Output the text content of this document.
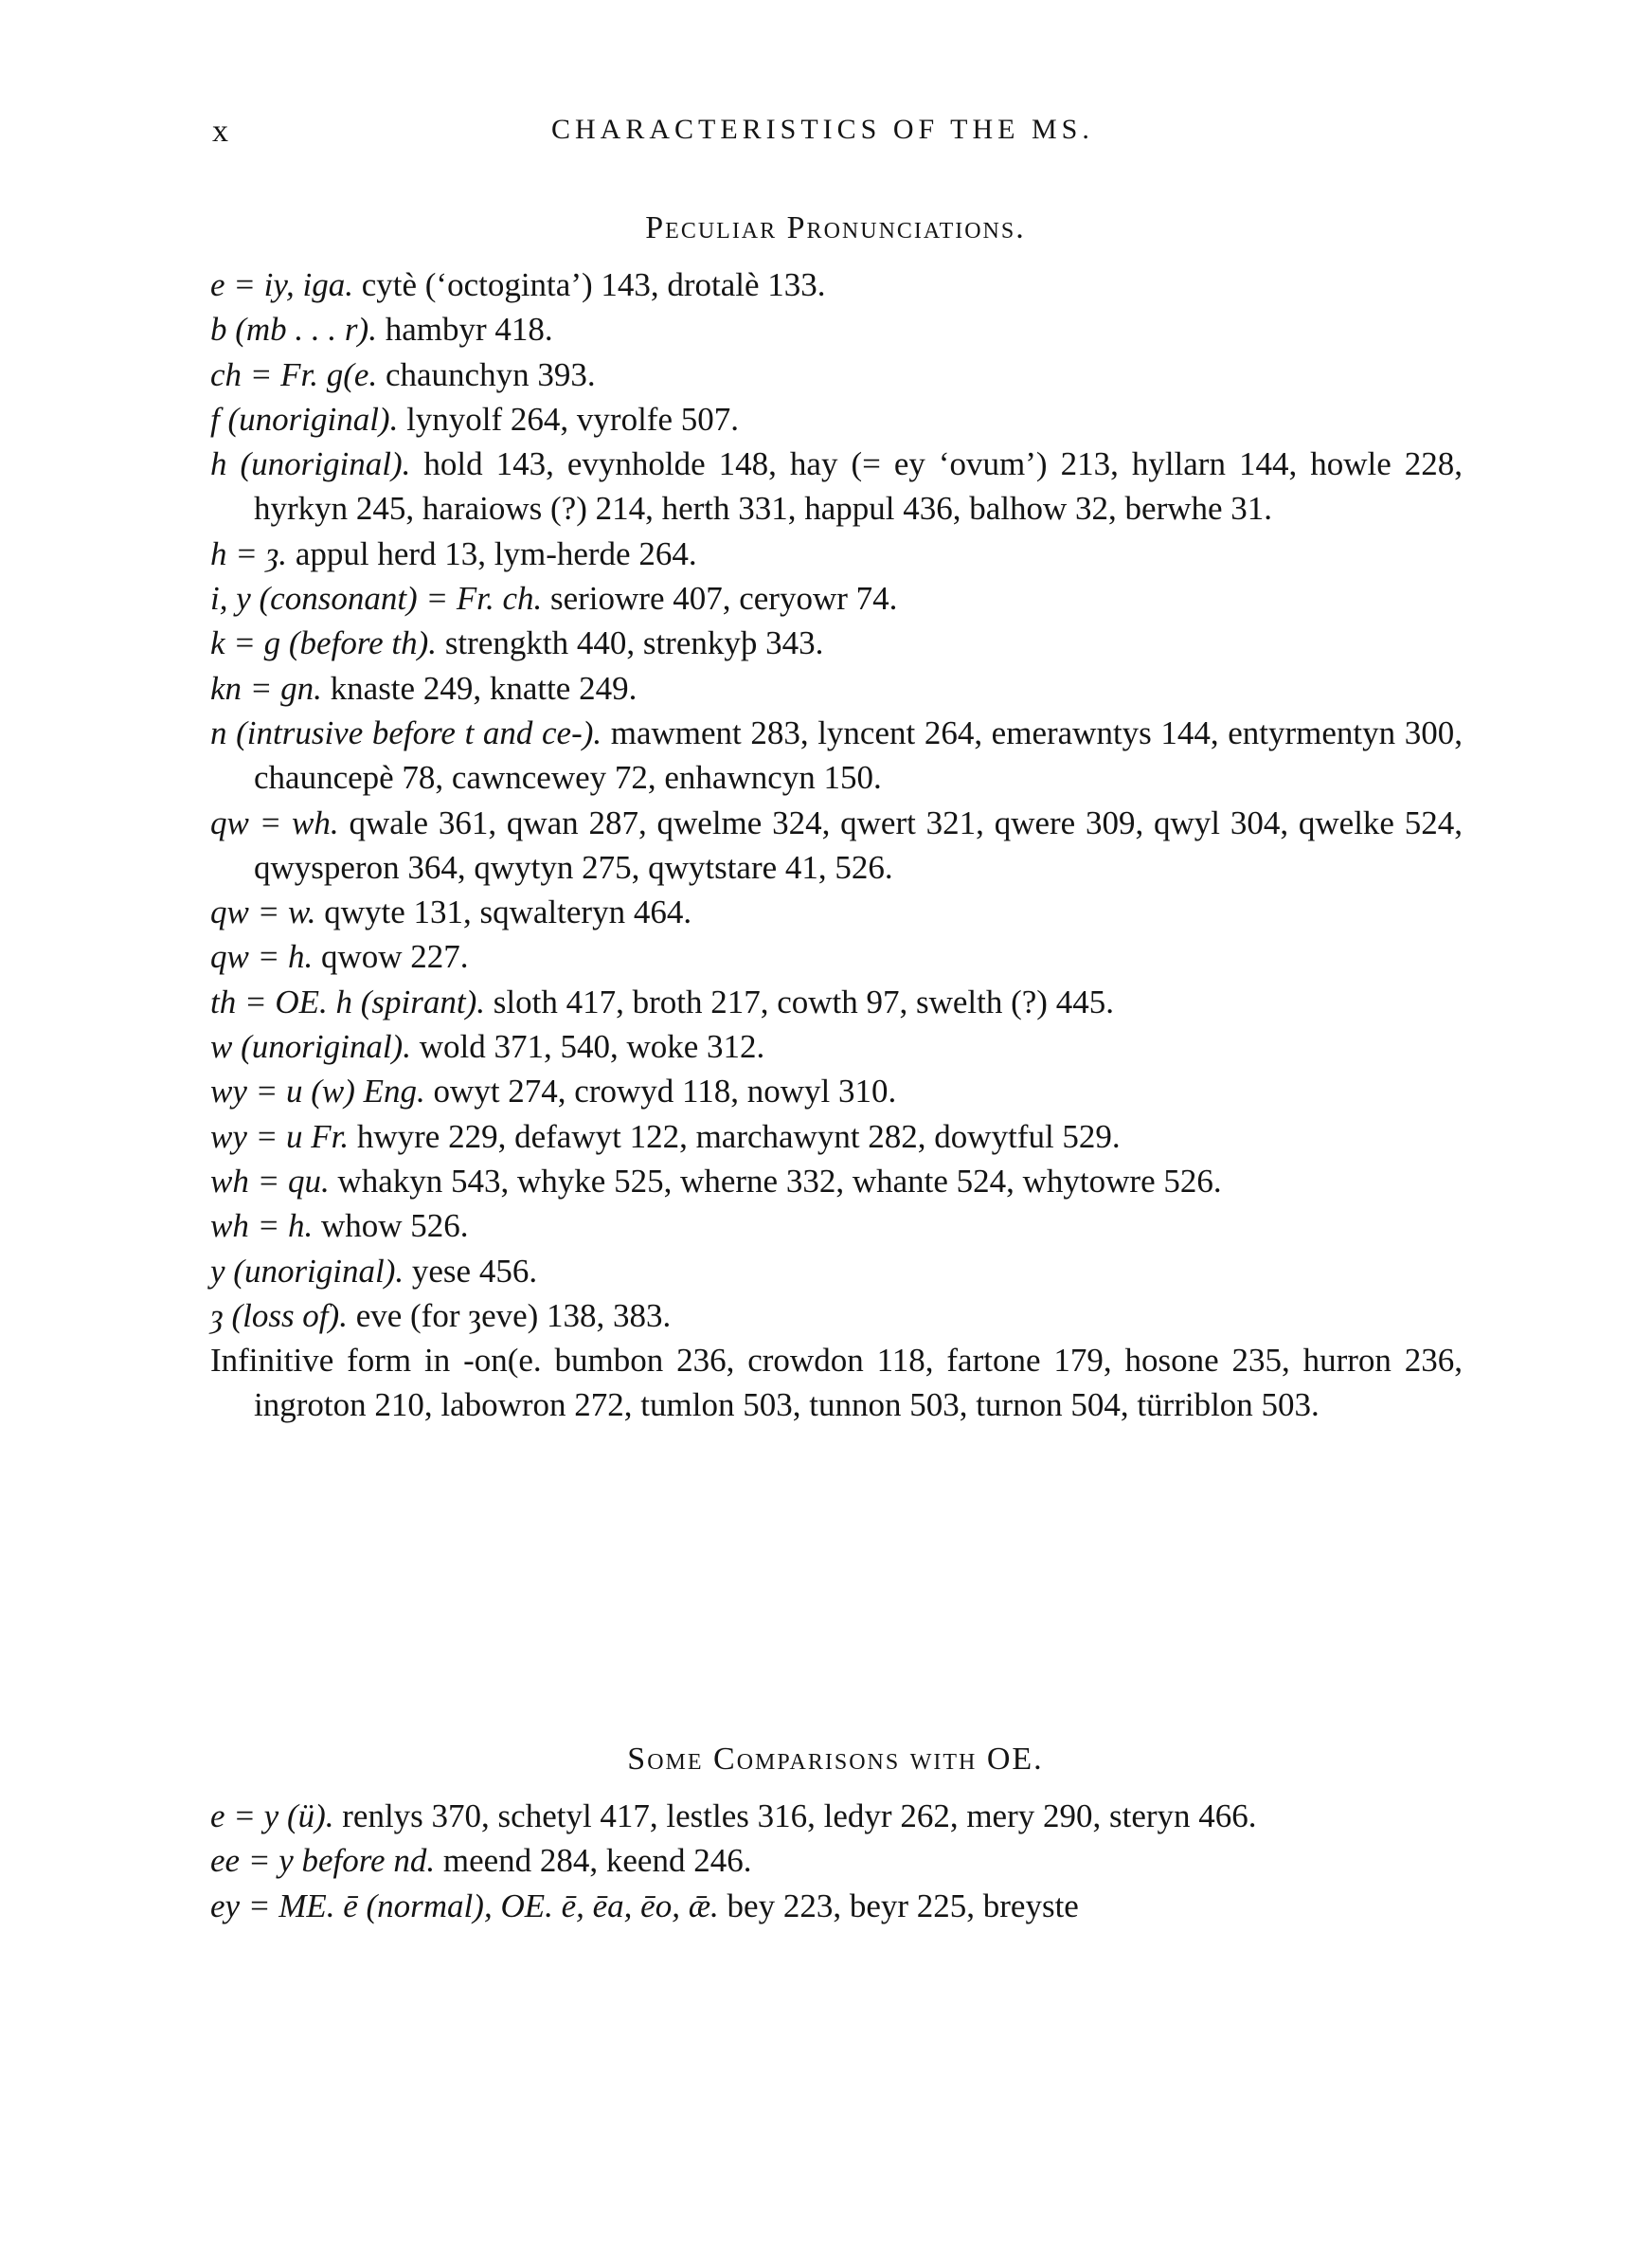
x	CHARACTERISTICS OF THE MS.
Peculiar Pronunciations.

e = iy, iga. cytè (‘octoginta’) 143, drotalè 133.

b (mb . . . r). hambyr 418.

ch = Fr. g(e. chaunchyn 393.

f (unoriginal). lynyolf 264, vyrolfe 507.

h (unoriginal). hold 143, evynholde 148, hay (= ey ‘ovum’) 213, hyllarn 144, howle 228, hyrkyn 245, haraiows (?) 214, herth 331, happul 436, balhow 32, berwhe 31.

h = ȝ. appul herd 13, lym-herde 264.

i, y (consonant) = Fr. ch. seriowre 407, ceryowr 74.

k = g (before th). strengkth 440, strenkyþ 343.

kn = gn. knaste 249, knatte 249.

n (intrusive before t and ce-). mawment 283, lyncent 264, emerawntys 144, entyrmentyn 300, chauncepè 78, cawncewey 72, enhawncyn 150.

qw = wh. qwale 361, qwan 287, qwelme 324, qwert 321, qwere 309, qwyl 304, qwelke 524, qwysperon 364, qwytyn 275, qwytstare 41, 526.

qw = w. qwyte 131, sqwalteryn 464.

qw = h. qwow 227.

th = OE. h (spirant). sloth 417, broth 217, cowth 97, swelth (?) 445.

w (unoriginal). wold 371, 540, woke 312.

wy = u (w) Eng. owyt 274, crowyd 118, nowyl 310.

wy = u Fr. hwyre 229, defawyt 122, marchawynt 282, dowytful 529.

wh = qu. whakyn 543, whyke 525, wherne 332, whante 524, whytowre 526.

wh = h. whow 526.

y (unoriginal). yese 456.

ȝ (loss of). eve (for ȝeve) 138, 383.

Infinitive form in -on(e. bumbon 236, crowdon 118, fartone 179, hosone 235, hurron 236, ingroton 210, labowron 272, tumlon 503, tunnon 503, turnon 504, türriblon 503.

Some Comparisons with OE.

e = y (ü). renlys 370, schetyl 417, lestles 316, ledyr 262, mery 290, steryn 466.

ee = y before nd. meend 284, keend 246.

ey = ME. ē (normal), OE. ē, ēa, ēo, ǣ. bey 223, beyr 225, breyste
